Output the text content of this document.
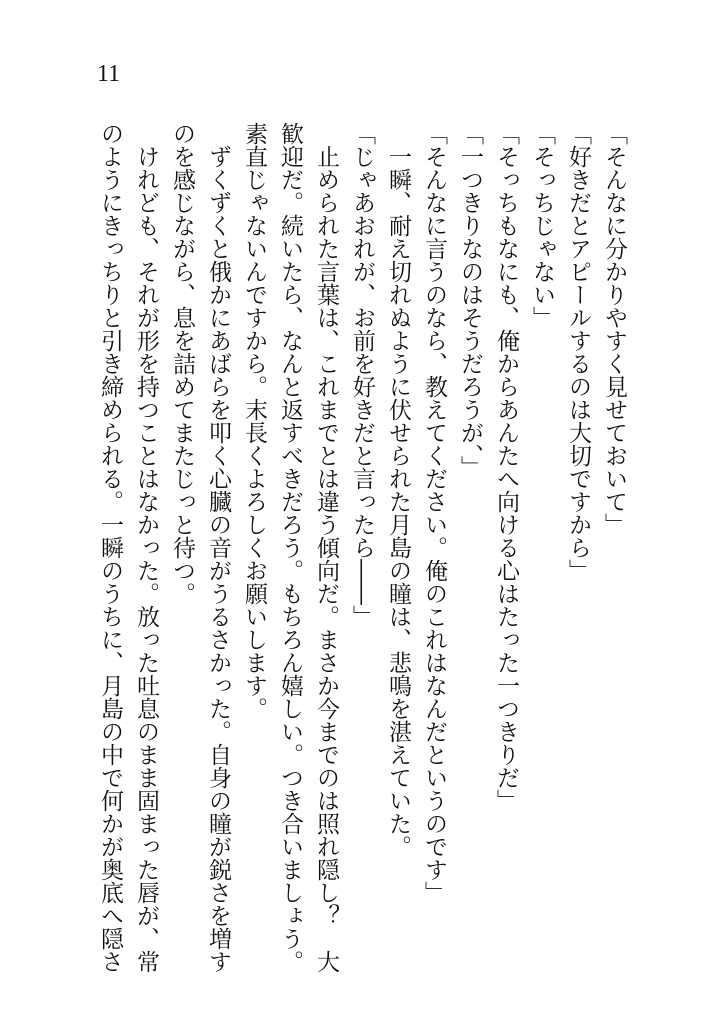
11
「そんなに分かりやすく見せておいて」
「好きだとアピールするのは大切ですから」
「そっちじゃない」
「そっちもなにも、俺からあんたへ向ける心はたった一つきりだ」
「一つきりなのはそうだろうが、」
「そんなに言うのなら、教えてください。俺のこれはなんだというのです」
　一瞬、耐え切れぬように伏せられた月島の瞳は、悲鳴を湛えていた。
「じゃあおれが、お前を好きだと言ったら――」
　止められた言葉は、これまでとは違う傾向だ。まさか今までのは照れ隠し？　大
歓迎だ。続いたら、なんと返すべきだろう。もちろん嬉しい。つき合いましょう。
素直じゃないんですから。末長くよろしくお願いします。
　ずくずくと俄かにあばらを叩く心臓の音がうるさかった。自身の瞳が鋭さを増す
のを感じながら、息を詰めてまたじっと待つ。
　けれども、それが形を持つことはなかった。放った吐息のまま固まった唇が、常
のようにきっちりと引き締められる。一瞬のうちに、月島の中で何かが奥底へ隠さ
